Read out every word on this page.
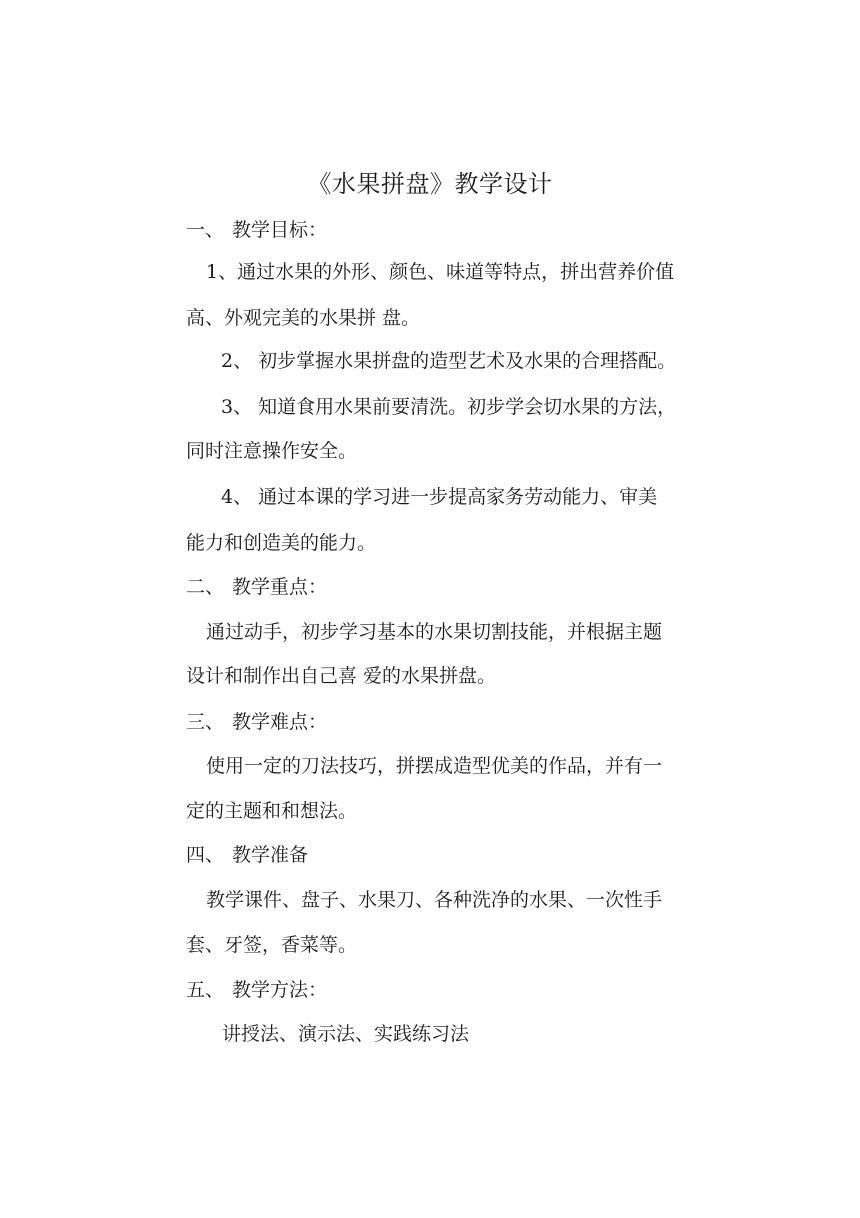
《水果拼盘》教学设计
一、 教学目标：
1、通过水果的外形、颜色、味道等特点，拼出营养价值
高、外观完美的水果拼 盘。
2、 初步掌握水果拼盘的造型艺术及水果的合理搭配。
3、 知道食用水果前要清洗。初步学会切水果的方法，
同时注意操作安全。
4、 通过本课的学习进一步提高家务劳动能力、审美
能力和创造美的能力。
二、 教学重点：
通过动手，初步学习基本的水果切割技能，并根据主题
设计和制作出自己喜 爱的水果拼盘。
三、 教学难点：
使用一定的刀法技巧，拼摆成造型优美的作品，并有一
定的主题和和想法。
四、 教学准备
教学课件、盘子、水果刀、各种洗净的水果、一次性手
套、牙签，香菜等。
五、 教学方法：
讲授法、演示法、实践练习法
